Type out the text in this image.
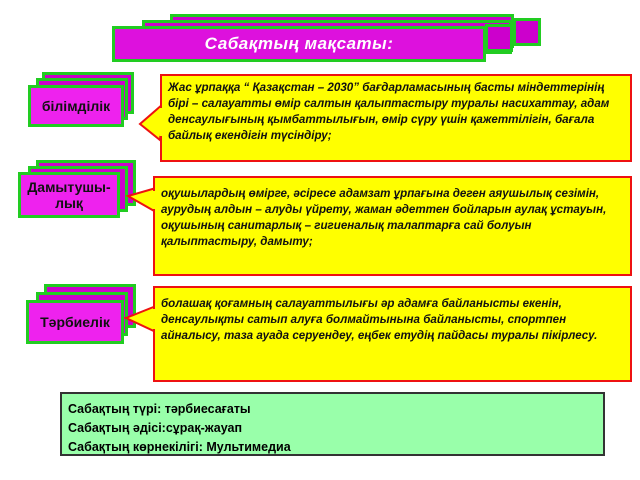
Сабақтың мақсаты:
білімділік
Жас ұрпаққа “ Қазақстан – 2030” бағдарламасының басты міндеттерінің бірі – салауатты өмір салтын қалыптастыру туралы насихаттау, адам денсаулығының қымбаттылығын, өмір сүру үшін қажеттілігін, бағала байлық екендігін түсіндіру;
Дамытушы-лық
оқушылардың өмірге, әсіресе адамзат ұрпағына деген аяушылық сезімін, аурудың алдын – алуды үйрету, жаман әдеттен бойларын аулақ ұстауын, оқушының санитарлық – гигиеналық талаптарға сай болуын қалыптастыру, дамыту;
Тәрбиелік
болашақ қоғамның салауаттылығы әр адамға байланысты екенін, денсаулықты сатып алуға болмайтынына байланысты, спортпен айналысу, таза ауада серуендеу, еңбек етудің пайдасы туралы пікірлесу.
Сабақтың түрі: тәрбиесағаты
Сабақтың әдісі:сұрақ-жауап
Сабақтың көрнекілігі: Мультимедиа
